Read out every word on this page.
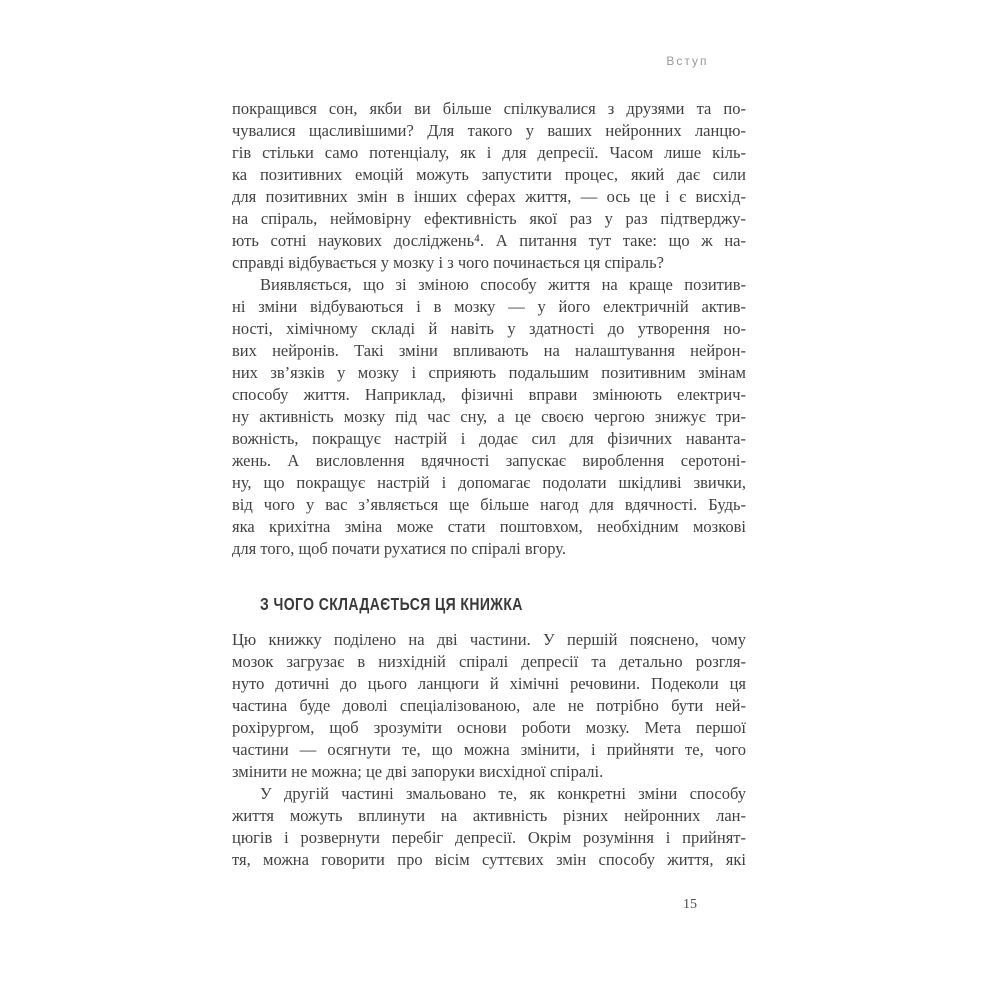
Вступ
покращився сон, якби ви більше спілкувалися з друзями та по-
чувалися щасливішими? Для такого у ваших нейронних ланцю-
гів стільки само потенціалу, як і для депресії. Часом лише кіль-
ка позитивних емоцій можуть запустити процес, який дає сили
для позитивних змін в інших сферах життя, — ось це і є висхід-
на спіраль, неймовірну ефективність якої раз у раз підтверджу-
ють сотні наукових досліджень⁴. А питання тут таке: що ж на-
справді відбувається у мозку і з чого починається ця спіраль?
Виявляється, що зі зміною способу життя на краще позитив-
ні зміни відбуваються і в мозку — у його електричній актив-
ності, хімічному складі й навіть у здатності до утворення но-
вих нейронів. Такі зміни впливають на налаштування нейрон-
них зв’язків у мозку і сприяють подальшим позитивним змінам
способу життя. Наприклад, фізичні вправи змінюють електрич-
ну активність мозку під час сну, а це своєю чергою знижує три-
вожність, покращує настрій і додає сил для фізичних наванта-
жень. А висловлення вдячності запускає вироблення серотоні-
ну, що покращує настрій і допомагає подолати шкідливі звички,
від чого у вас з’являється ще більше нагод для вдячності. Будь-
яка крихітна зміна може стати поштовхом, необхідним мозкові
для того, щоб почати рухатися по спіралі вгору.
З ЧОГО СКЛАДАЄТЬСЯ ЦЯ КНИЖКА
Цю книжку поділено на дві частини. У першій пояснено, чому
мозок загрузає в низхідній спіралі депресії та детально розгля-
нуто дотичні до цього ланцюги й хімічні речовини. Подеколи ця
частина буде доволі спеціалізованою, але не потрібно бути ней-
рохірургом, щоб зрозуміти основи роботи мозку. Мета першої
частини — осягнути те, що можна змінити, і прийняти те, чого
змінити не можна; це дві запоруки висхідної спіралі.
У другій частині змальовано те, як конкретні зміни способу
життя можуть вплинути на активність різних нейронних лан-
цюгів і розвернути перебіг депресії. Окрім розуміння і прийнят-
тя, можна говорити про вісім суттєвих змін способу життя, які
15
